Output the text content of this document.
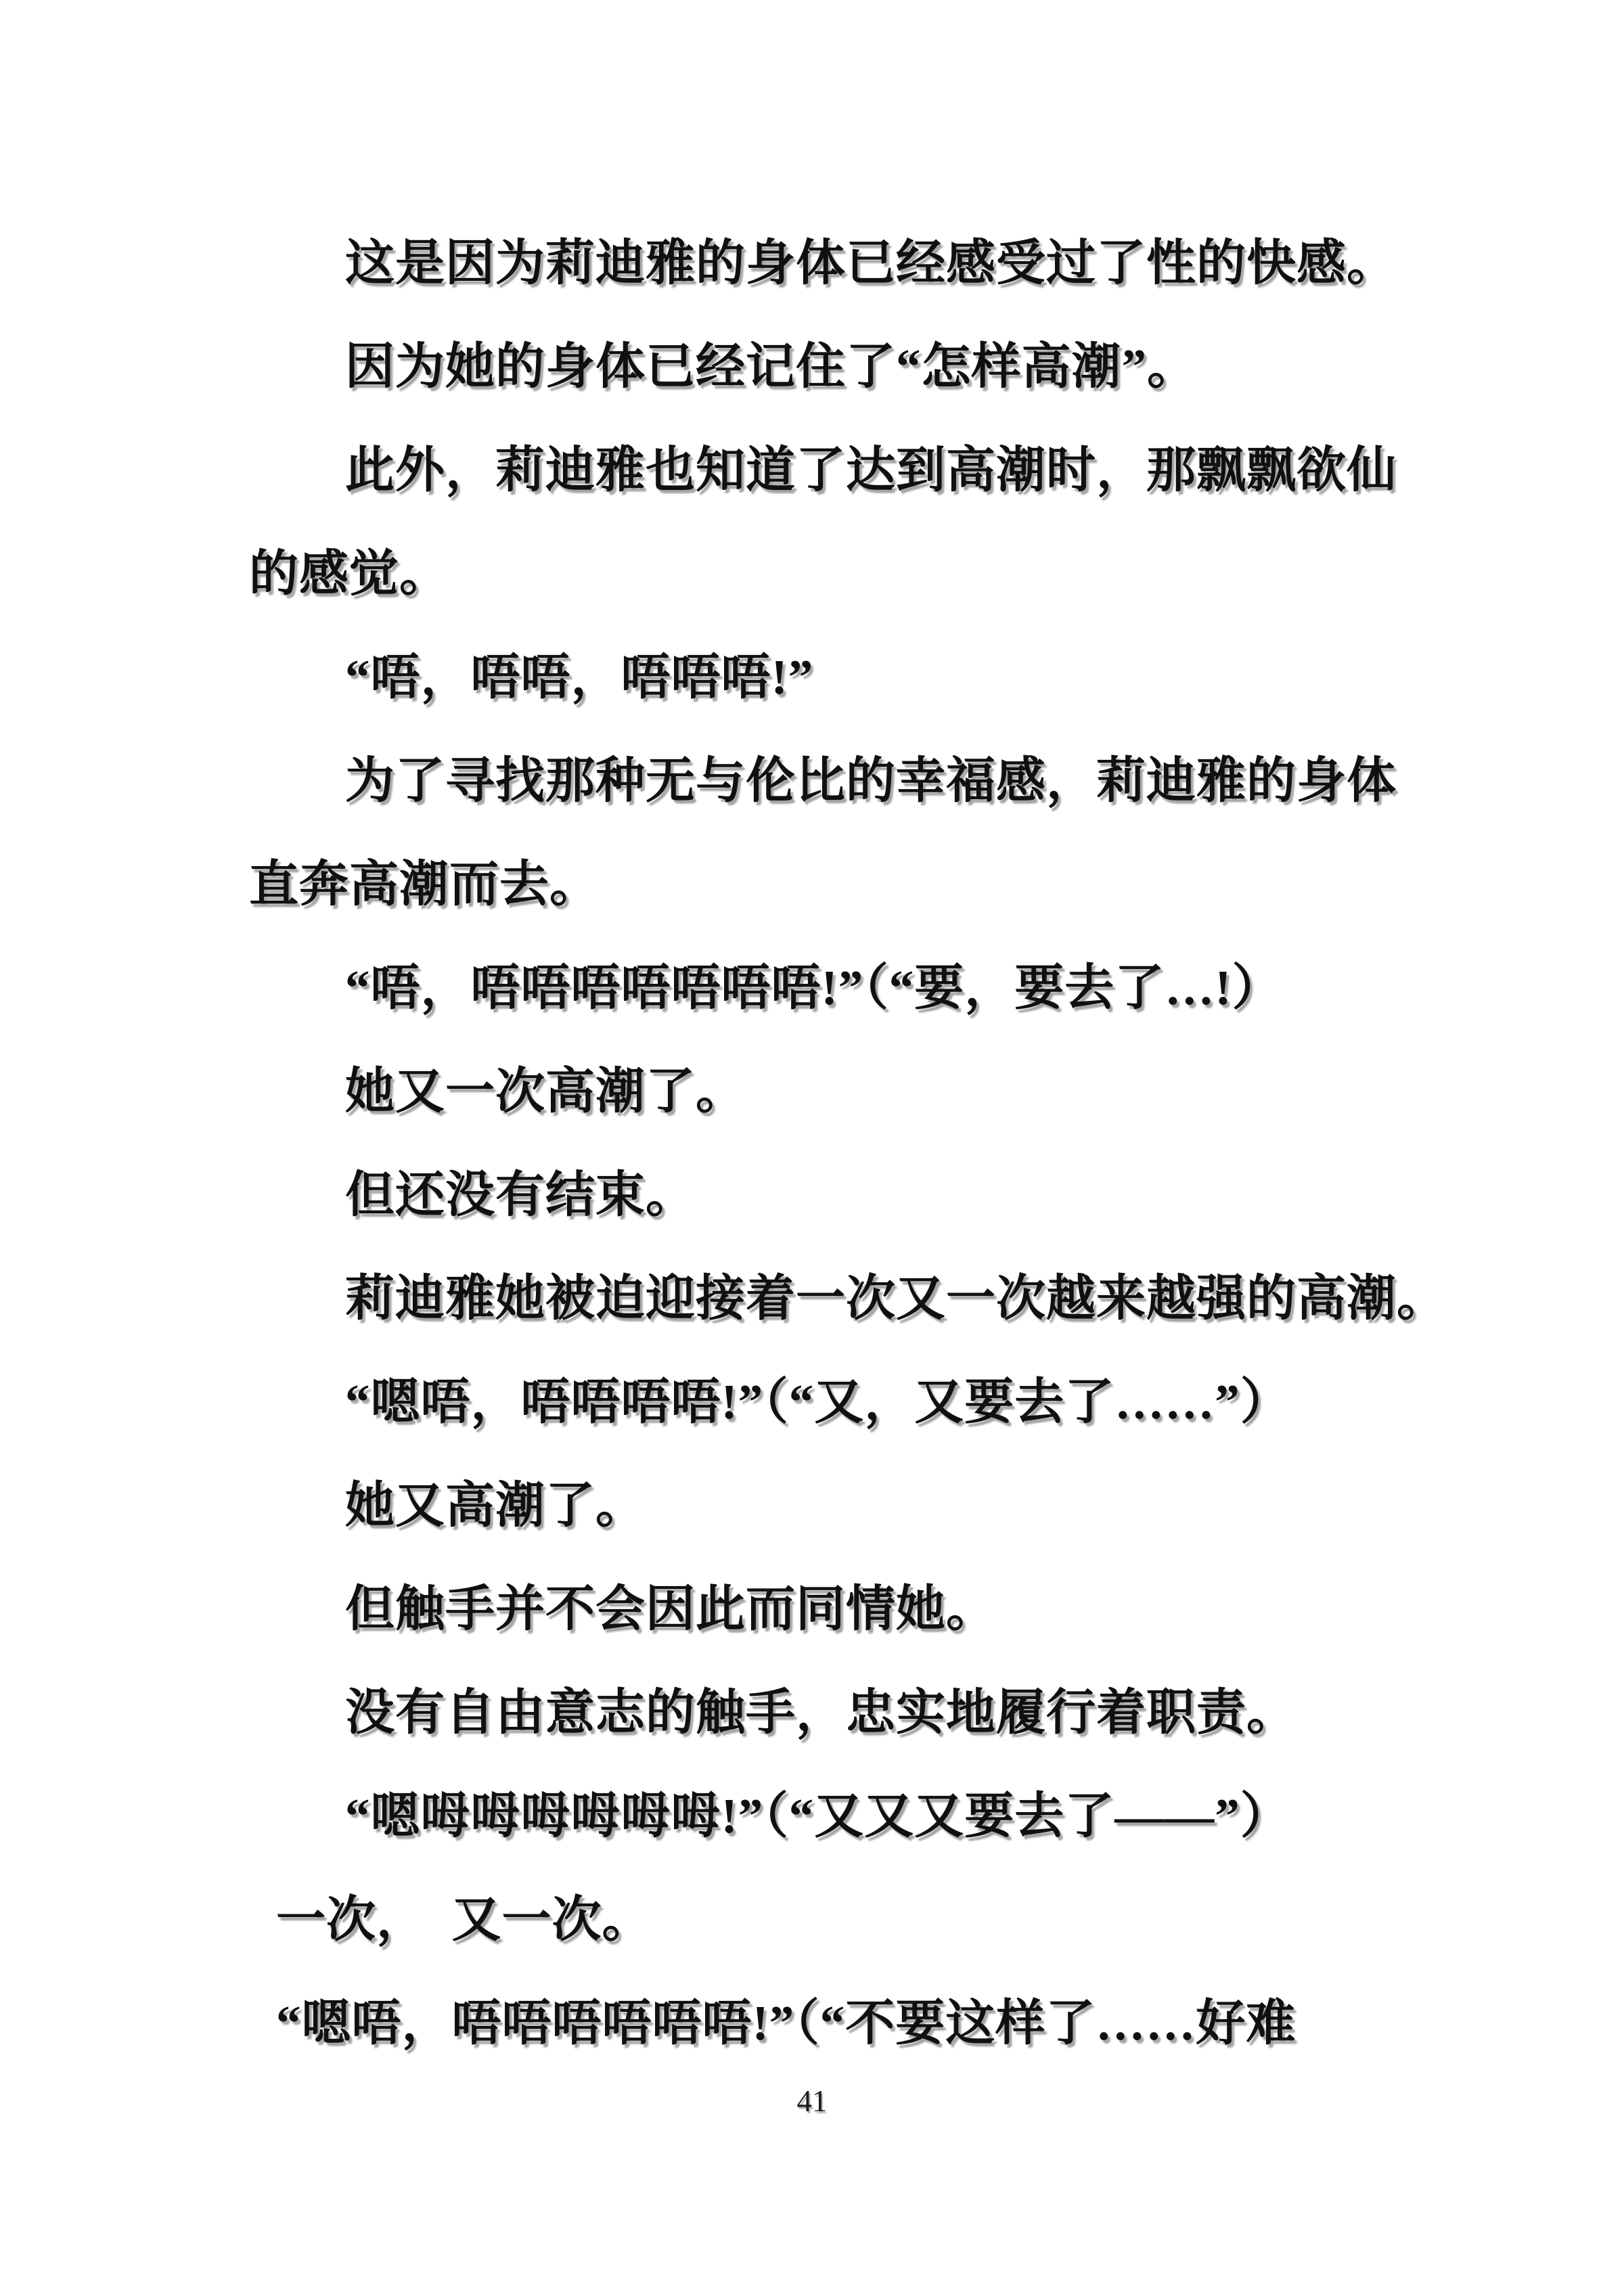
这是因为莉迪雅的身体已经感受过了性的快感。
因为她的身体已经记住了“怎样高潮”。
此外，莉迪雅也知道了达到高潮时，那飘飘欲仙
的感觉。
“唔，唔唔，唔唔唔!”
为了寻找那种无与伦比的幸福感，莉迪雅的身体
直奔高潮而去。
“唔，唔唔唔唔唔唔唔!”（“要，要去了…!）
她又一次高潮了。
但还没有结束。
莉迪雅她被迫迎接着一次又一次越来越强的高潮。
“嗯唔，唔唔唔唔!”（“又，又要去了……”）
她又高潮了。
但触手并不会因此而同情她。
没有自由意志的触手，忠实地履行着职责。
“嗯呣呣呣呣呣呣!”（“又又又要去了——”）
一次，　又一次。
“嗯唔，唔唔唔唔唔唔!”（“不要这样了……好难
41
